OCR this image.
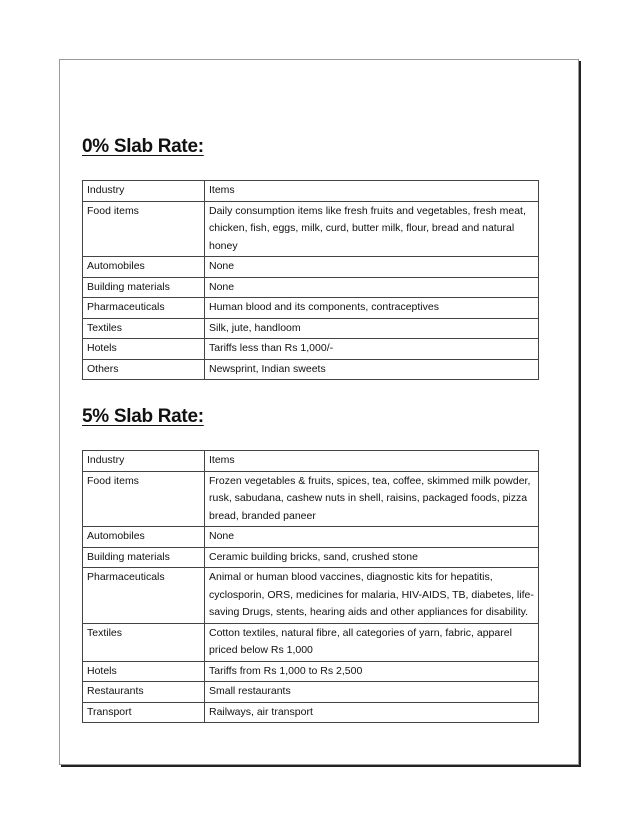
0% Slab Rate:
Industry	Items
Food items	Daily consumption items like fresh fruits and vegetables, fresh meat, chicken, fish, eggs, milk, curd, butter milk, flour, bread and natural honey
Automobiles	None
Building materials	None
Pharmaceuticals	Human blood and its components, contraceptives
Textiles	Silk, jute, handloom
Hotels	Tariffs less than Rs 1,000/-
Others	Newsprint, Indian sweets
5% Slab Rate:
Industry	Items
Food items	Frozen vegetables & fruits, spices, tea, coffee, skimmed milk powder, rusk, sabudana, cashew nuts in shell, raisins, packaged foods, pizza bread, branded paneer
Automobiles	None
Building materials	Ceramic building bricks, sand, crushed stone
Pharmaceuticals	Animal or human blood vaccines, diagnostic kits for hepatitis, cyclosporin, ORS, medicines for malaria, HIV-AIDS, TB, diabetes, life-saving Drugs, stents, hearing aids and other appliances for disability.
Textiles	Cotton textiles, natural fibre, all categories of yarn, fabric, apparel priced below Rs 1,000
Hotels	Tariffs from Rs 1,000 to Rs 2,500
Restaurants	Small restaurants
Transport	Railways, air transport
